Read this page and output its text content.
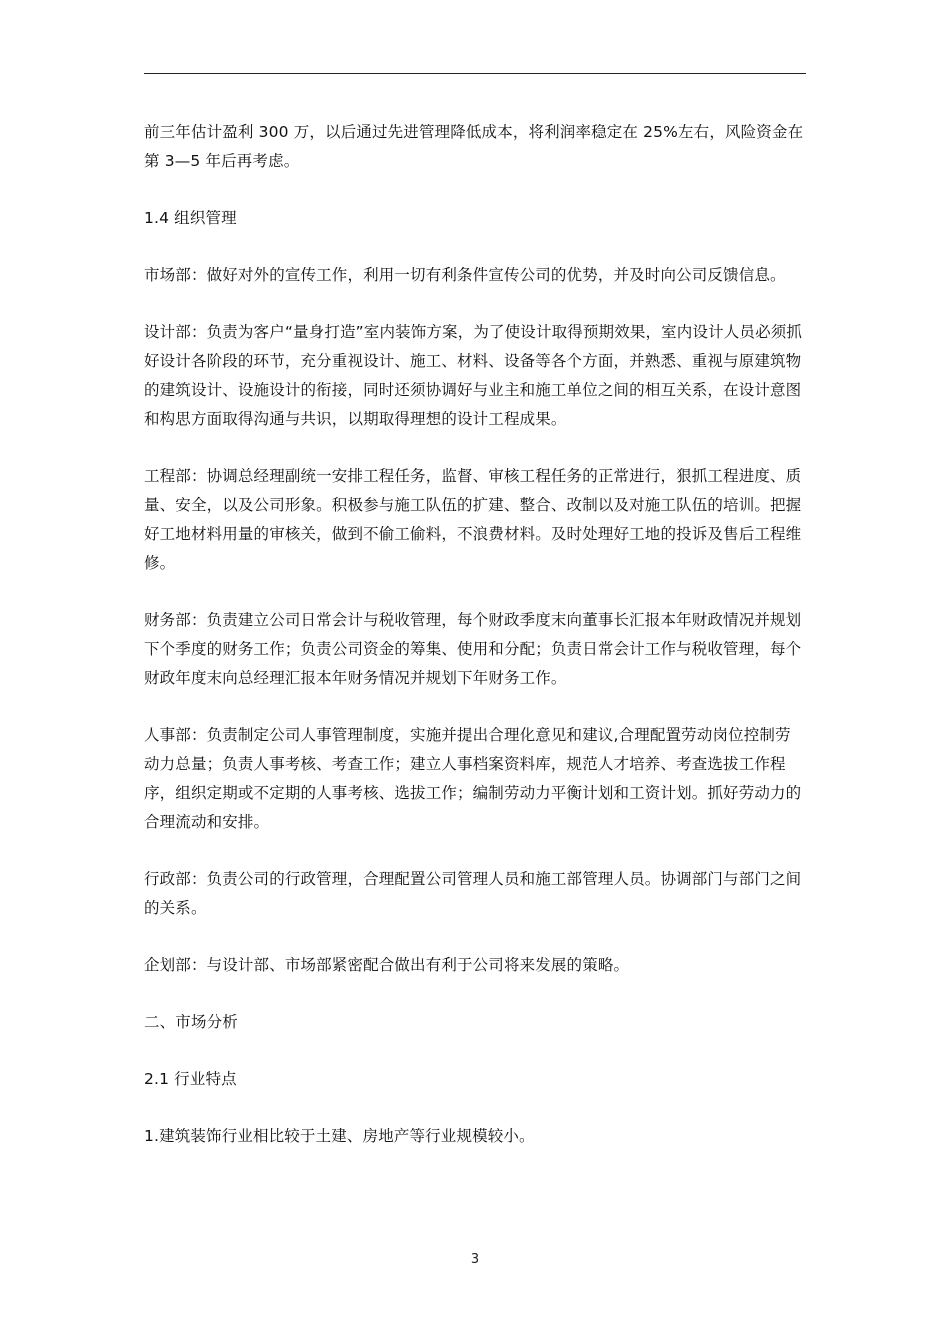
前三年估计盈利 300 万，以后通过先进管理降低成本，将利润率稳定在 25%左右，风险资金在第 3—5 年后再考虑。

1.4 组织管理

市场部：做好对外的宣传工作，利用一切有利条件宣传公司的优势，并及时向公司反馈信息。

设计部：负责为客户“量身打造”室内装饰方案，为了使设计取得预期效果，室内设计人员必须抓好设计各阶段的环节，充分重视设计、施工、材料、设备等各个方面，并熟悉、重视与原建筑物的建筑设计、设施设计的衔接，同时还须协调好与业主和施工单位之间的相互关系，在设计意图和构思方面取得沟通与共识，以期取得理想的设计工程成果。

工程部：协调总经理副统一安排工程任务，监督、审核工程任务的正常进行，狠抓工程进度、质量、安全，以及公司形象。积极参与施工队伍的扩建、整合、改制以及对施工队伍的培训。把握好工地材料用量的审核关，做到不偷工偷料，不浪费材料。及时处理好工地的投诉及售后工程维修。

财务部：负责建立公司日常会计与税收管理，每个财政季度末向董事长汇报本年财政情况并规划下个季度的财务工作；负责公司资金的筹集、使用和分配；负责日常会计工作与税收管理，每个财政年度末向总经理汇报本年财务情况并规划下年财务工作。

人事部：负责制定公司人事管理制度，实施并提出合理化意见和建议,合理配置劳动岗位控制劳动力总量；负责人事考核、考查工作；建立人事档案资料库，规范人才培养、考查选拔工作程序，组织定期或不定期的人事考核、选拔工作；编制劳动力平衡计划和工资计划。抓好劳动力的合理流动和安排。

行政部：负责公司的行政管理，合理配置公司管理人员和施工部管理人员。协调部门与部门之间的关系。

企划部：与设计部、市场部紧密配合做出有利于公司将来发展的策略。

二、市场分析

2.1 行业特点

1.建筑装饰行业相比较于土建、房地产等行业规模较小。

3
